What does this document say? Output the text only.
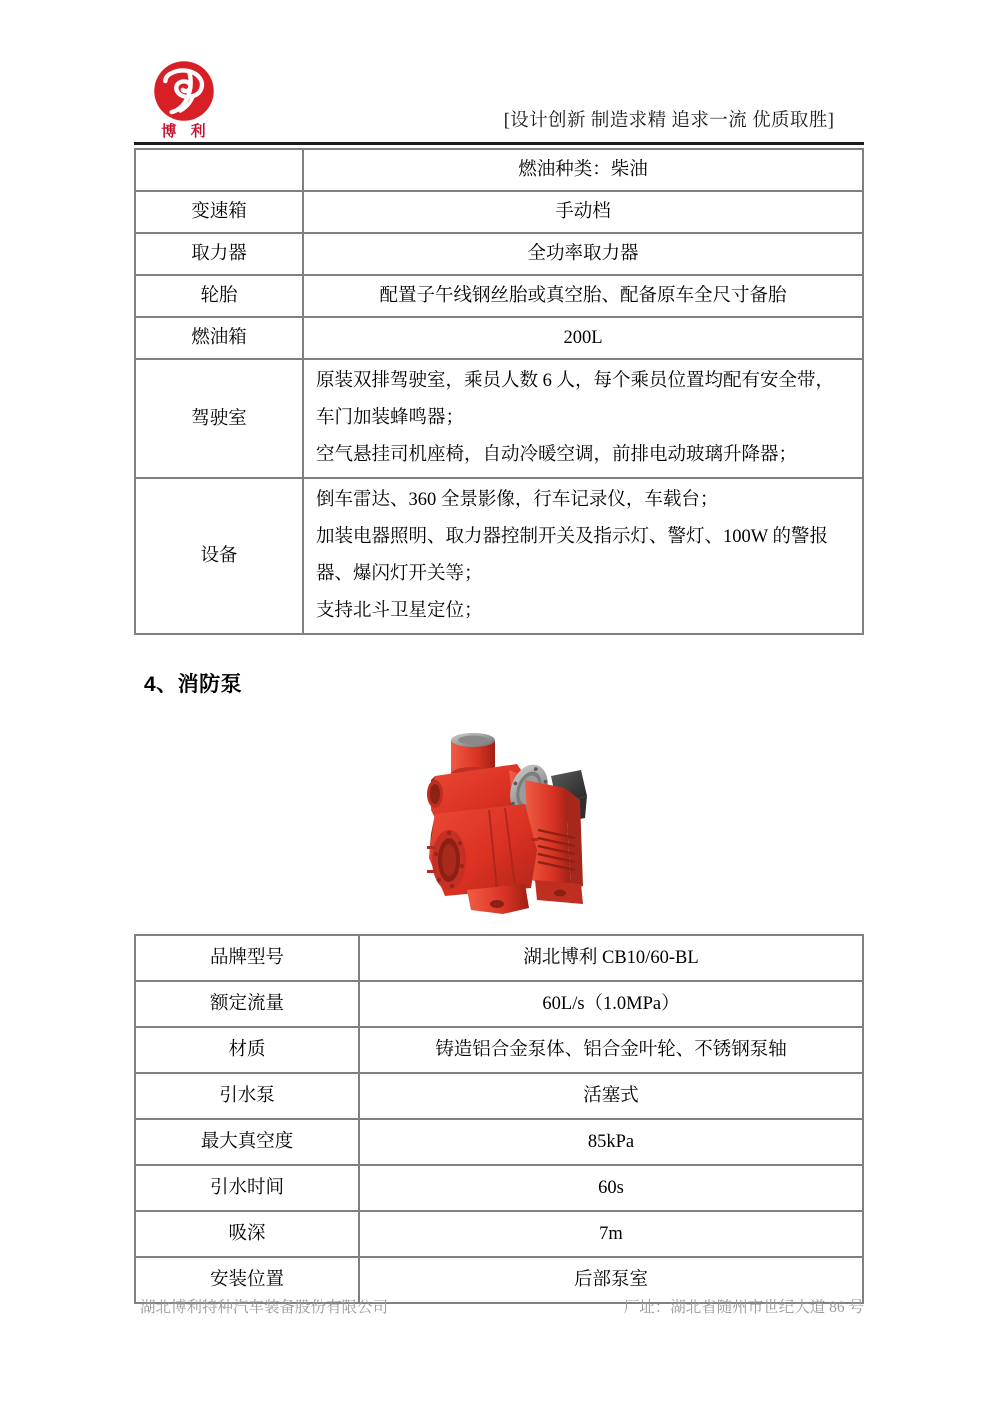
博 利
[设计创新 制造求精 追求一流 优质取胜]
	燃油种类：柴油
变速箱	手动档
取力器	全功率取力器
轮胎	配置子午线钢丝胎或真空胎、配备原车全尺寸备胎
燃油箱	200L
驾驶室	原装双排驾驶室，乘员人数 6 人，每个乘员位置均配有安全带，

车门加装蜂鸣器；

空气悬挂司机座椅，自动冷暖空调，前排电动玻璃升降器；

设备	倒车雷达、360 全景影像，行车记录仪，车载台；

加装电器照明、取力器控制开关及指示灯、警灯、100W 的警报

器、爆闪灯开关等；

支持北斗卫星定位；

4、消防泵
品牌型号	湖北博利 CB10/60-BL
额定流量	60L/s（1.0MPa）
材质	铸造铝合金泵体、铝合金叶轮、不锈钢泵轴
引水泵	活塞式
最大真空度	85kPa
引水时间	60s
吸深	7m
安装位置	后部泵室
湖北博利特种汽车装备股份有限公司	厂址：湖北省随州市世纪大道 86 号
